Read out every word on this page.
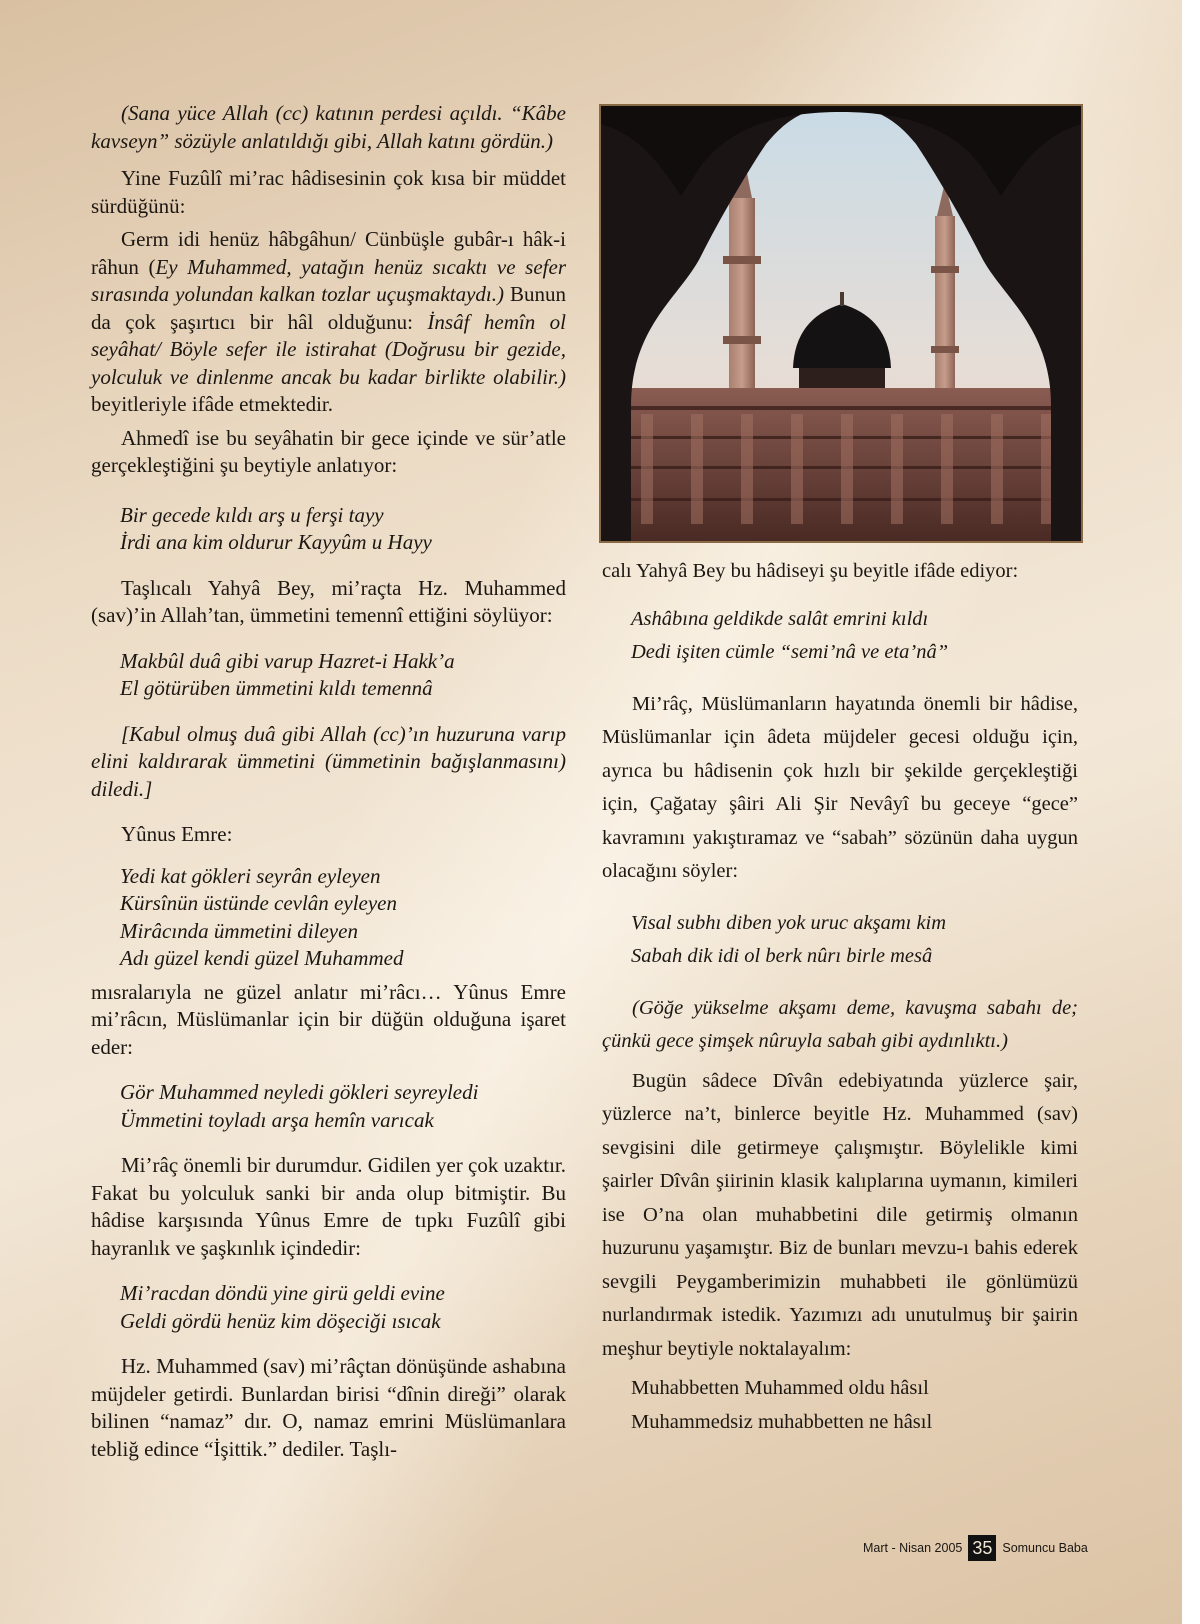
(Sana yüce Allah (cc) katının perdesi açıldı. “Kâbe kavseyn” sözüyle anlatıldığı gibi, Allah katını gördün.)

Yine Fuzûlî mi’rac hâdisesinin çok kısa bir müddet sürdüğünü:

Germ idi henüz hâbgâhun/ Cünbüşle gubâr-ı hâk-i râhun (Ey Muhammed, yatağın henüz sıcaktı ve sefer sırasında yolundan kalkan tozlar uçuşmaktaydı.) Bunun da çok şaşırtıcı bir hâl olduğunu: İnsâf hemîn ol seyâhat/ Böyle sefer ile istirahat (Doğrusu bir gezide, yolculuk ve dinlenme ancak bu kadar birlikte olabilir.) beyitleriyle ifâde etmektedir.

Ahmedî ise bu seyâhatin bir gece içinde ve sür’atle gerçekleştiğini şu beytiyle anlatıyor:

Bir gecede kıldı arş u ferşi tayy
İrdi ana kim oldurur Kayyûm u Hayy

Taşlıcalı Yahyâ Bey, mi’raçta Hz. Muhammed (sav)’in Allah’tan, ümmetini temennî ettiğini söylüyor:

Makbûl duâ gibi varup Hazret-i Hakk’a
El götürüben ümmetini kıldı temennâ

[Kabul olmuş duâ gibi Allah (cc)’ın huzuruna varıp elini kaldırarak ümmetini (ümmetinin bağışlanmasını) diledi.]

Yûnus Emre:

Yedi kat gökleri seyrân eyleyen
Kürsînün üstünde cevlân eyleyen
Mirâcında ümmetini dileyen
Adı güzel kendi güzel Muhammed

mısralarıyla ne güzel anlatır mi’râcı… Yûnus Emre mi’râcın, Müslümanlar için bir düğün olduğuna işaret eder:

Gör Muhammed neyledi gökleri seyreyledi
Ümmetini toyladı arşa hemîn varıcak

Mi’râç önemli bir durumdur. Gidilen yer çok uzaktır. Fakat bu yolculuk sanki bir anda olup bitmiştir. Bu hâdise karşısında Yûnus Emre de tıpkı Fuzûlî gibi hayranlık ve şaşkınlık içindedir:

Mi’racdan döndü yine girü geldi evine
Geldi gördü henüz kim döşeciği ısıcak

Hz. Muhammed (sav) mi’râçtan dönüşünde ashabına müjdeler getirdi. Bunlardan birisi “dînin direği” olarak bilinen “namaz” dır. O, namaz emrini Müslümanlara tebliğ edince “İşittik.” dediler. Taşlı-

calı Yahyâ Bey bu hâdiseyi şu beyitle ifâde ediyor:

Ashâbına geldikde salât emrini kıldı
Dedi işiten cümle “semi’nâ ve eta’nâ”

Mi’râç, Müslümanların hayatında önemli bir hâdise, Müslümanlar için âdeta müjdeler gecesi olduğu için, ayrıca bu hâdisenin çok hızlı bir şekilde gerçekleştiği için, Çağatay şâiri Ali Şir Nevâyî bu geceye “gece” kavramını yakıştıramaz ve “sabah” sözünün daha uygun olacağını söyler:

Visal subhı diben yok uruc akşamı kim
Sabah dik idi ol berk nûrı birle mesâ

(Göğe yükselme akşamı deme, kavuşma sabahı de; çünkü gece şimşek nûruyla sabah gibi aydınlıktı.)

Bugün sâdece Dîvân edebiyatında yüzlerce şair, yüzlerce na’t, binlerce beyitle Hz. Muhammed (sav) sevgisini dile getirmeye çalışmıştır. Böylelikle kimi şairler Dîvân şiirinin klasik kalıplarına uymanın, kimileri ise O’na olan muhabbetini dile getirmiş olmanın huzurunu yaşamıştır. Biz de bunları mevzu-ı bahis ederek sevgili Peygamberimizin muhabbeti ile gönlümüzü nurlandırmak istedik. Yazımızı adı unutulmuş bir şairin meşhur beytiyle noktalayalım:

Muhabbetten Muhammed oldu hâsıl
Muhammedsiz muhabbetten ne hâsıl
Mart - Nisan 2005 35 Somuncu Baba
